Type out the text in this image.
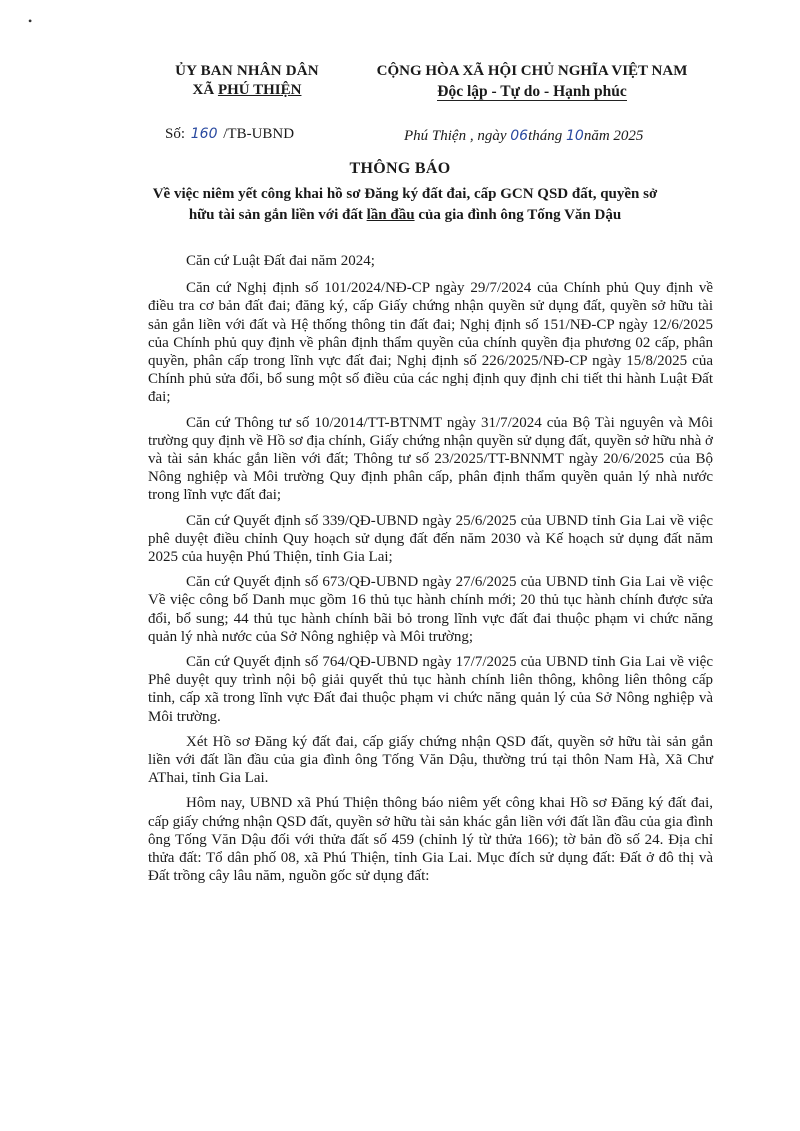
•
ỦY BAN NHÂN DÂN
XÃ PHÚ THIỆN
CỘNG HÒA XÃ HỘI CHỦ NGHĨA VIỆT NAM
Độc lập - Tự do - Hạnh phúc
Số: 160 /TB-UBND	Phú Thiện , ngày 06tháng 10năm 2025
THÔNG BÁO
Về việc niêm yết công khai hồ sơ Đăng ký đất đai, cấp GCN QSD đất, quyền sở
hữu tài sản gắn liền với đất lần đầu của gia đình ông Tống Văn Dậu

Căn cứ Luật Đất đai năm 2024;

Căn cứ Nghị định số 101/2024/NĐ-CP ngày 29/7/2024 của Chính phủ Quy định về điều tra cơ bản đất đai; đăng ký, cấp Giấy chứng nhận quyền sử dụng đất, quyền sở hữu tài sản gắn liền với đất và Hệ thống thông tin đất đai; Nghị định số 151/NĐ-CP ngày 12/6/2025 của Chính phủ quy định về phân định thẩm quyền của chính quyền địa phương 02 cấp, phân quyền, phân cấp trong lĩnh vực đất đai; Nghị định số 226/2025/NĐ-CP ngày 15/8/2025 của Chính phủ sửa đổi, bổ sung một số điều của các nghị định quy định chi tiết thi hành Luật Đất đai;

Căn cứ Thông tư số 10/2014/TT-BTNMT ngày 31/7/2024 của Bộ Tài nguyên và Môi trường quy định về Hồ sơ địa chính, Giấy chứng nhận quyền sử dụng đất, quyền sở hữu nhà ở và tài sản khác gắn liền với đất; Thông tư số 23/2025/TT-BNNMT ngày 20/6/2025 của Bộ Nông nghiệp và Môi trường Quy định phân cấp, phân định thẩm quyền quản lý nhà nước trong lĩnh vực đất đai;

Căn cứ Quyết định số 339/QĐ-UBND ngày 25/6/2025 của UBND tỉnh Gia Lai về việc phê duyệt điều chỉnh Quy hoạch sử dụng đất đến năm 2030 và Kế hoạch sử dụng đất năm 2025 của huyện Phú Thiện, tỉnh Gia Lai;

Căn cứ Quyết định số 673/QĐ-UBND ngày 27/6/2025 của UBND tỉnh Gia Lai về việc Về việc công bố Danh mục gồm 16 thủ tục hành chính mới; 20 thủ tục hành chính được sửa đổi, bổ sung; 44 thủ tục hành chính bãi bỏ trong lĩnh vực đất đai thuộc phạm vi chức năng quản lý nhà nước của Sở Nông nghiệp và Môi trường;

Căn cứ Quyết định số 764/QĐ-UBND ngày 17/7/2025 của UBND tỉnh Gia Lai về việc Phê duyệt quy trình nội bộ giải quyết thủ tục hành chính liên thông, không liên thông cấp tỉnh, cấp xã trong lĩnh vực Đất đai thuộc phạm vi chức năng quản lý của Sở Nông nghiệp và Môi trường.

Xét Hồ sơ Đăng ký đất đai, cấp giấy chứng nhận QSD đất, quyền sở hữu tài sản gắn liền với đất lần đầu của gia đình ông Tống Văn Dậu, thường trú tại thôn Nam Hà, Xã Chư AThai, tỉnh Gia Lai.

Hôm nay, UBND xã Phú Thiện thông báo niêm yết công khai Hồ sơ Đăng ký đất đai, cấp giấy chứng nhận QSD đất, quyền sở hữu tài sản khác gắn liền với đất lần đầu của gia đình ông Tống Văn Dậu đối với thửa đất số 459 (chỉnh lý từ thửa 166); tờ bản đồ số 24. Địa chỉ thửa đất: Tổ dân phố 08, xã Phú Thiện, tỉnh Gia Lai. Mục đích sử dụng đất: Đất ở đô thị và Đất trồng cây lâu năm, nguồn gốc sử dụng đất:
